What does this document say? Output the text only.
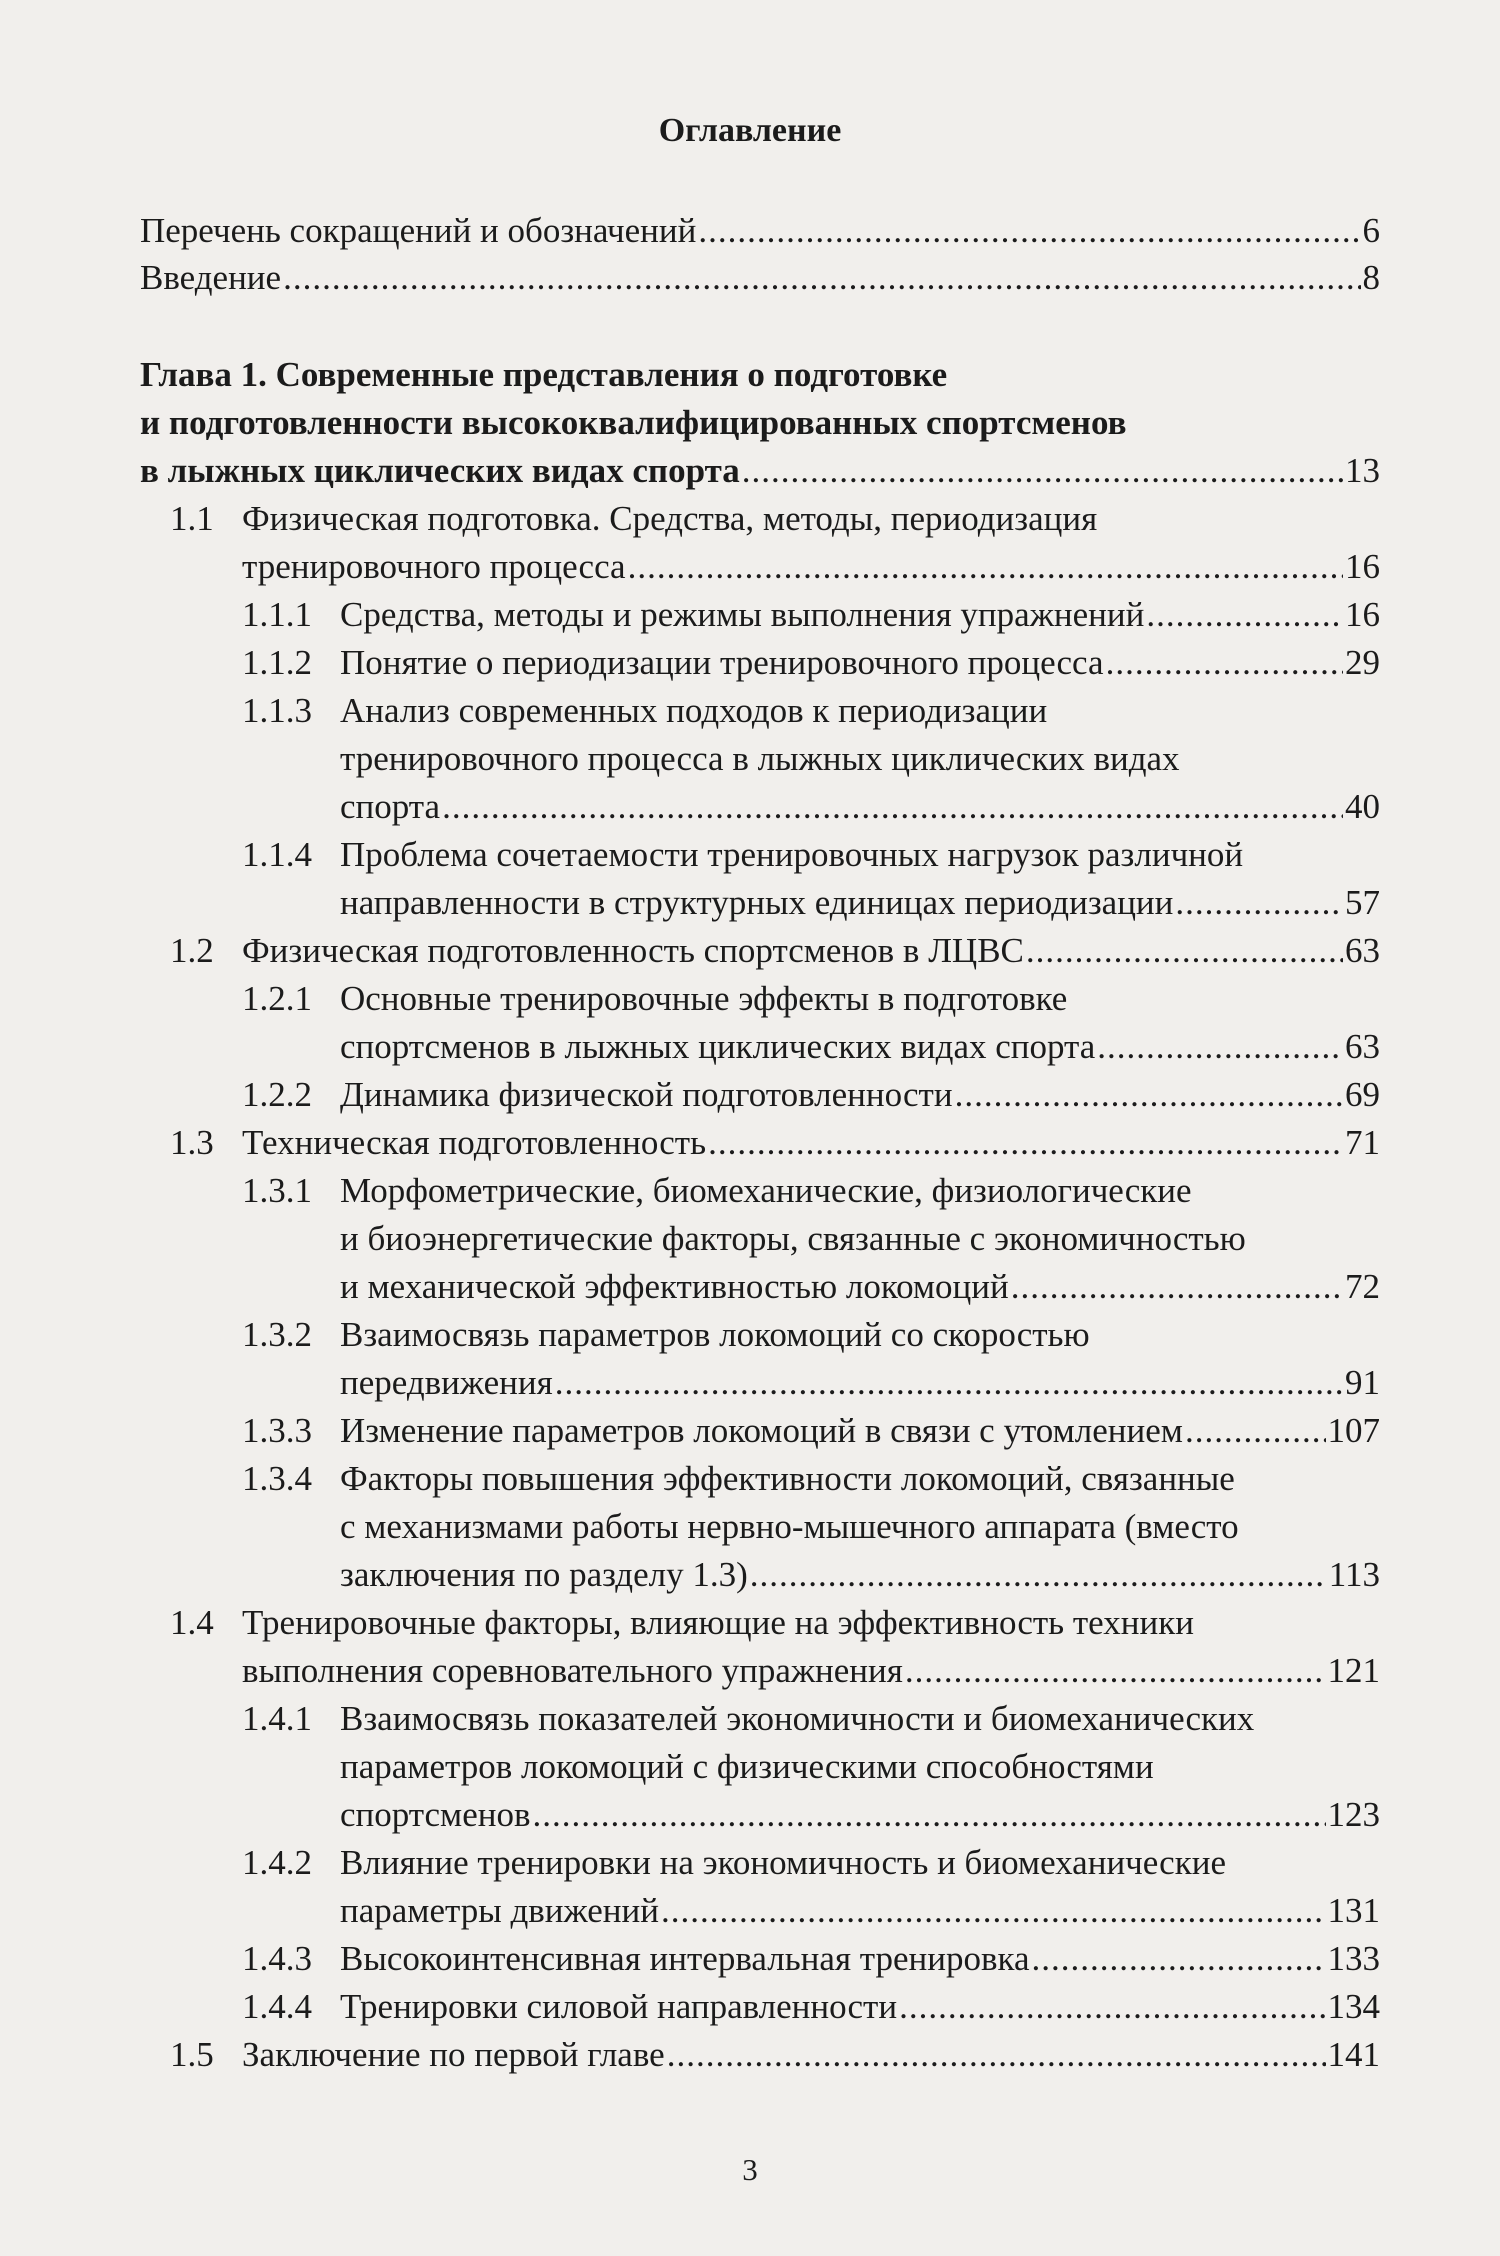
Оглавление
Перечень сокращений и обозначений .....	6
Введение .....	8
Глава 1. Современные представления о подготовке
и подготовленности высококвалифицированных спортсменов
в лыжных циклических видах спорта .....	13
1.1 Физическая подготовка. Средства, методы, периодизация
тренировочного процесса .....	16
1.1.1 Средства, методы и режимы выполнения упражнений .....	16
1.1.2 Понятие о периодизации тренировочного процесса .....	29
1.1.3 Анализ современных подходов к периодизации
тренировочного процесса в лыжных циклических видах
спорта .....	40
1.1.4 Проблема сочетаемости тренировочных нагрузок различной
направленности в структурных единицах периодизации .....	57
1.2 Физическая подготовленность спортсменов в ЛЦВС .....	63
1.2.1 Основные тренировочные эффекты в подготовке
спортсменов в лыжных циклических видах спорта .....	63
1.2.2 Динамика физической подготовленности .....	69
1.3 Техническая подготовленность .....	71
1.3.1 Морфометрические, биомеханические, физиологические
и биоэнергетические факторы, связанные с экономичностью
и механической эффективностью локомоций .....	72
1.3.2 Взаимосвязь параметров локомоций со скоростью
передвижения .....	91
1.3.3 Изменение параметров локомоций в связи с утомлением .....	107
1.3.4 Факторы повышения эффективности локомоций, связанные
с механизмами работы нервно-мышечного аппарата (вместо
заключения по разделу 1.3) .....	113
1.4 Тренировочные факторы, влияющие на эффективность техники
выполнения соревновательного упражнения .....	121
1.4.1 Взаимосвязь показателей экономичности и биомеханических
параметров локомоций с физическими способностями
спортсменов .....	123
1.4.2 Влияние тренировки на экономичность и биомеханические
параметры движений .....	131
1.4.3 Высокоинтенсивная интервальная тренировка .....	133
1.4.4 Тренировки силовой направленности .....	134
1.5 Заключение по первой главе .....	141
3
